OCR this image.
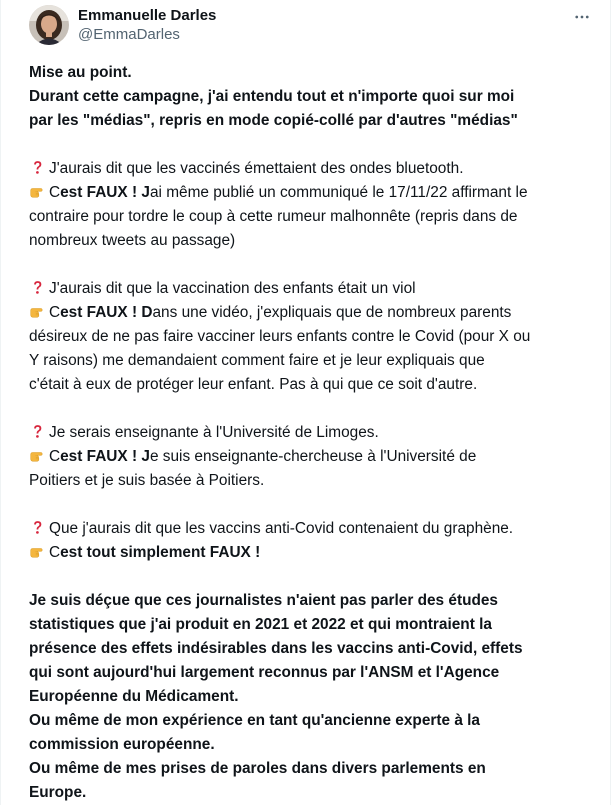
Emmanuelle Darles
@EmmaDarles
Mise au point.
Durant cette campagne, j'ai entendu tout et n'importe quoi sur moi
par les "médias", repris en mode copié-collé par d'autres "médias"
J'aurais dit que les vaccinés émettaient des ondes bluetooth.
Cest FAUX ! Jai même publié un communiqué le 17/11/22 affirmant le
contraire pour tordre le coup à cette rumeur malhonnête (repris dans de
nombreux tweets au passage)
J'aurais dit que la vaccination des enfants était un viol
Cest FAUX ! Dans une vidéo, j'expliquais que de nombreux parents
désireux de ne pas faire vacciner leurs enfants contre le Covid (pour X ou
Y raisons) me demandaient comment faire et je leur expliquais que
c'était à eux de protéger leur enfant. Pas à qui que ce soit d'autre.
Je serais enseignante à l'Université de Limoges.
Cest FAUX ! Je suis enseignante-chercheuse à l'Université de
Poitiers et je suis basée à Poitiers.
Que j'aurais dit que les vaccins anti-Covid contenaient du graphène.
Cest tout simplement FAUX !
Je suis déçue que ces journalistes n'aient pas parler des études
statistiques que j'ai produit en 2021 et 2022 et qui montraient la
présence des effets indésirables dans les vaccins anti-Covid, effets
qui sont aujourd'hui largement reconnus par l'ANSM et l'Agence
Européenne du Médicament.
Ou même de mon expérience en tant qu'ancienne experte à la
commission européenne.
Ou même de mes prises de paroles dans divers parlements en
Europe.
